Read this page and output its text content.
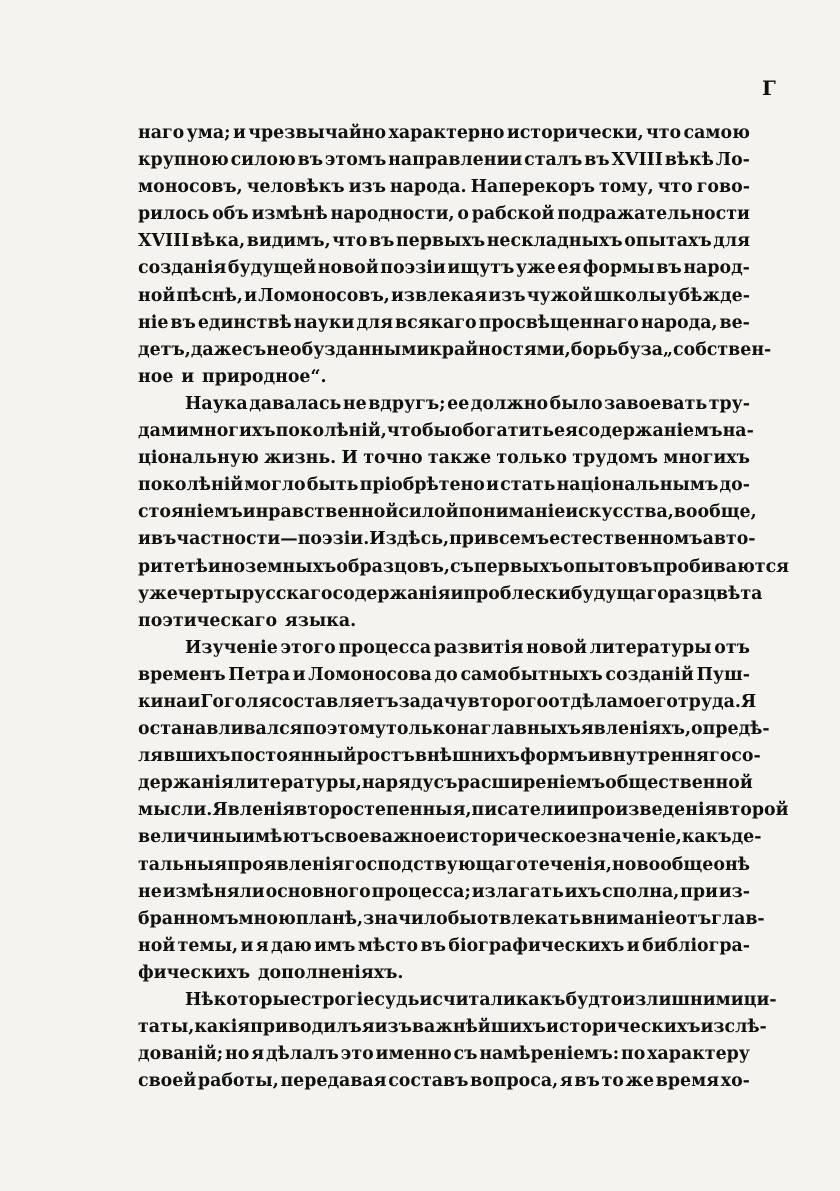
Г
наго ума; и чрезвычайно характерно исторически, что самою
крупною силою въ этомъ направлении сталъ въ XVIII вѣкѣ Ло-
моносовъ, человѣкъ изъ народа. Наперекоръ тому, что гово-
рилось объ измѣнѣ народности, о рабской подражательности
XVIII вѣка, видимъ, что въ первыхъ нескладныхъ опытахъ для
созданія будущей новой поэзіи ищутъ уже ея формы въ народ-
ной пѣснѣ, и Ломоносовъ, извлекая изъ чужой школы убѣжде-
ніе въ единствѣ науки для всякаго просвѣщеннаго народа, ве-
детъ, даже съ необузданными крайностями, борьбу за „собствен-
ное и природное“.
Наука давалась не вдругъ; ее должно было завоевать тру-
дами многихъ поколѣній, чтобы обогатить ея содержаніемъ на-
ціональную жизнь. И точно также только трудомъ многихъ
поколѣній могло быть пріобрѣтено и стать національнымъ до-
стояніемъ и нравственной силой пониманіе искусства, вообще,
и въ частности—поэзіи. И здѣсь, при всемъ естественномъ авто-
ритетѣ иноземныхъ образцовъ, съ первыхъ опытовъ пробиваются
уже черты русскаго содержанія и проблески будущаго разцвѣта
поэтическаго языка.
Изученіе этого процесса развитія новой литературы отъ
временъ Петра и Ломоносова до самобытныхъ созданій Пуш-
кина и Гоголя составляетъ задачу второго отдѣла моего труда. Я
останавливался поэтому только на главныхъ явленіяхъ, опредѣ-
лявшихъ постоянный ростъ внѣшнихъ формъ и внутренняго со-
держанія литературы, на ряду съ расширеніемъ общественной
мысли. Явленія второстепенныя, писатели и произведенія второй
величины имѣютъ свое важное историческое значеніе, какъ де-
тальныя проявленія господствующаго теченія, но вообще онѣ
не измѣняли основного процесса; излагать ихъ сполна, при из-
бранномъ мною планѣ, значило бы отвлекать вниманіе отъ глав-
ной темы, и я даю имъ мѣсто въ біографическихъ и библіогра-
фическихъ дополненіяхъ.
Нѣкоторые строгіе судьи считали какъ будто излишними ци-
таты, какія приводилъ я изъ важнѣйшихъ историческихъ изслѣ-
дованій; но я дѣлалъ это именно съ намѣреніемъ: по характеру
своей работы, передавая составъ вопроса, я въ то же время хо-
